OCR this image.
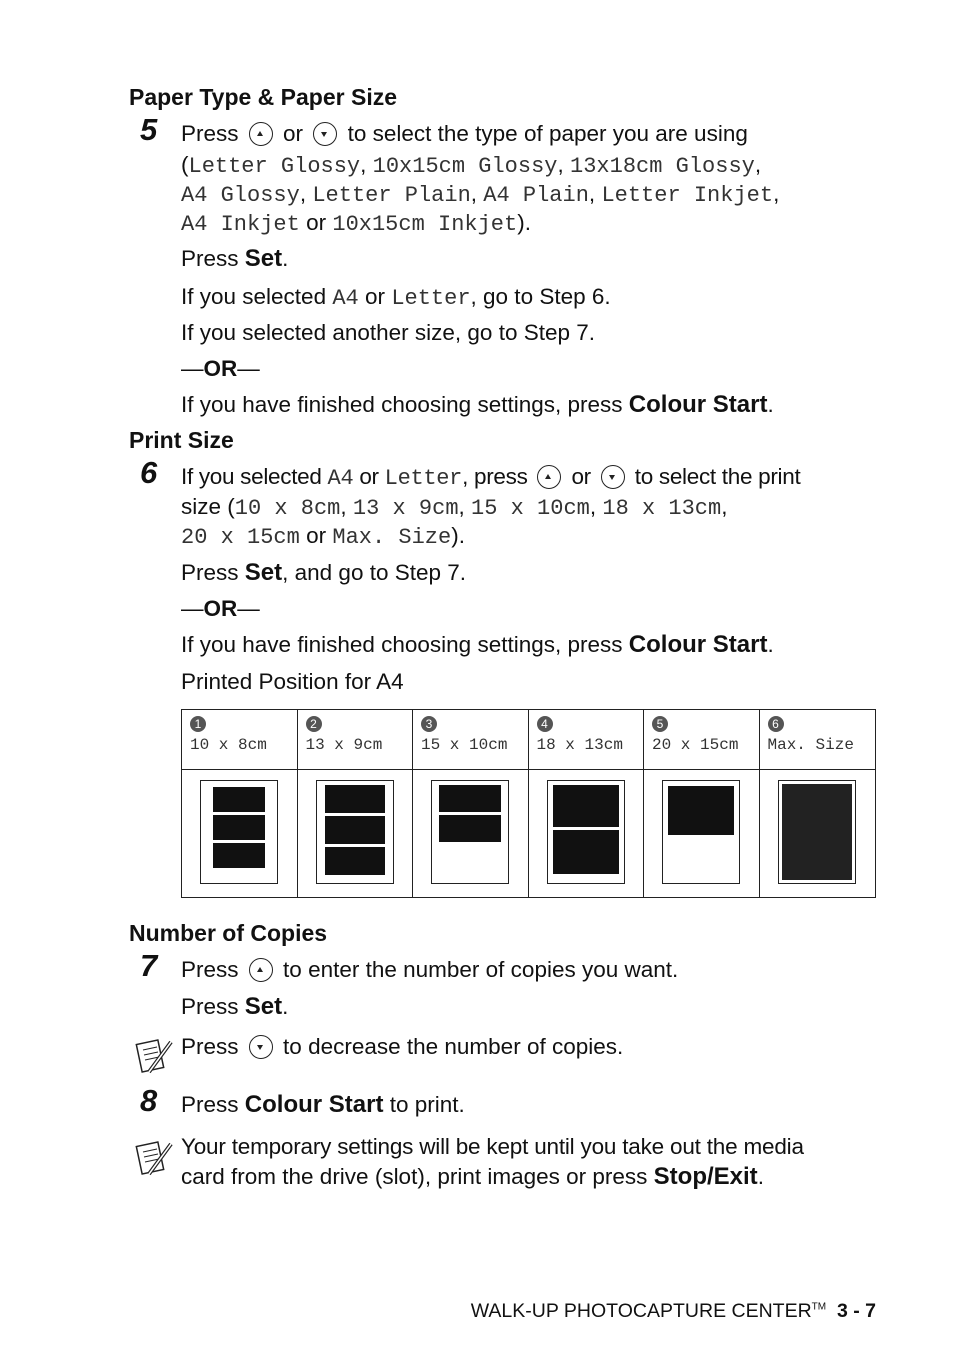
Paper Type & Paper Size
5 Press or to select the type of paper you are using
(Letter Glossy, 10x15cm Glossy, 13x18cm Glossy,
A4 Glossy, Letter Plain, A4 Plain, Letter Inkjet,
A4 Inkjet or 10x15cm Inkjet).
Press Set.
If you selected A4 or Letter, go to Step 6.
If you selected another size, go to Step 7.
—OR—
If you have finished choosing settings, press Colour Start.
Print Size
6 If you selected A4 or Letter, press or to select the print
size (10 x 8cm, 13 x 9cm, 15 x 10cm, 18 x 13cm,
20 x 15cm or Max. Size).
Press Set, and go to Step 7.
—OR—
If you have finished choosing settings, press Colour Start.
Printed Position for A4
1
10 x 8cm
2
13 x 9cm
3
15 x 10cm
4
18 x 13cm
5
20 x 15cm
6
Max. Size
Number of Copies
7 Press to enter the number of copies you want.
Press Set.
Press to decrease the number of copies.
8 Press Colour Start to print.
Your temporary settings will be kept until you take out the media
card from the drive (slot), print images or press Stop/Exit.
WALK-UP PHOTOCAPTURE CENTER™ 3 - 7
